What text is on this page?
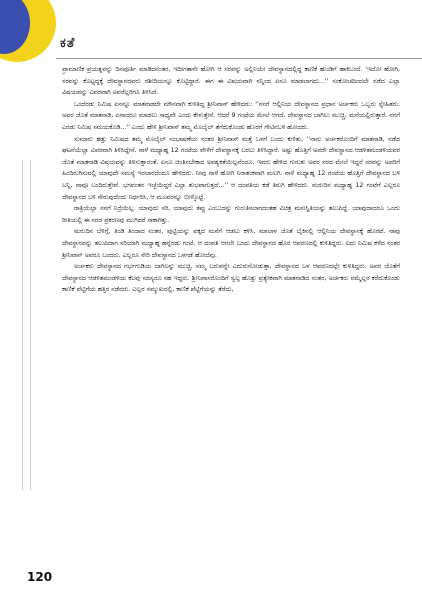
ಕತೆ

ಪ್ರಾಮಾಣಿಕ ಪ್ರಯತ್ನವನ್ನು ದಿನಪೂರ್ತಿ ಮಾಡಿದನಂತರ, ಇದೀಗತಾನೇ ಹೋಗಿ ಆ ಸರವನ್ನು ಅಲ್ಲಿನಿಯೇ ದೇವಸ್ಥಾನದಲ್ಲಿದ್ದ ಕಾಣಿಕೆ ಹುಂಡಿಗೆ ಹಾಕಿಬಂದೆ. 'ಇದೋ ಹೋಗಿ, ಸರವನ್ನು ಕೊಟ್ಟದ್ದಕ್ಕೆ ದೇವಸ್ಥಾನದವರು ರಶೀದಿಯನ್ನೂ ಕೊಟ್ಟಿದ್ದಾರೆ. ಈಗ ಈ ವಿಷಯವಾಗಿ ನನ್ನಿಂದ ಏನೂ ಮಾಡಲಾಗದು...'' ಸಂಕೋಚದಿಂದಲೇ ನಡೆದ ಎಲ್ಲಾ ವಿಷಯವನ್ನು ವಿವರವಾಗಿ ಅವರೆಲ್ಲರಿಗೂ ತಿಳಿಸಿದೆ.

ಒಂದೆರಡು ನಿಮಿಷ ಏನನ್ನೂ ಮಾತನಾಡದೇ ಮೌನವಾಗಿ ಕುಳಿತಿದ್ದ ಶ್ರೀನಿವಾಸ್ ಹೇಳಿದರು: ''ನನಗೆ ಆಲ್ಲಿನಿಯ ದೇವಸ್ಥಾನದ ಪ್ರಧಾನ ಅರ್ಚಕರು ಒಬ್ಬರು ಸ್ನೇಹಿತರು. ಅವರ ಜೊತೆ ಮಾತನಾಡಿ, ಏನಾದರೂ ಮಾಡಲು ಸಾಧ್ಯವೇ ಎಂದು ಕೇಳುತ್ತೇನೆ. ಆದರೆ 9 ಗಂಟೆಯ ಮೇಲೆ ಆಗದೆ. ದೇವಸ್ಥಾನದ ಬಾಗಿಲು ಮುಚ್ಚಿ, ಮನೆಯಲ್ಲಿರುತ್ತಾರೆ. ನನಗೆ ಎರಡು ನಿಮಿಷ ಸಮಯಕೊಡಿ...'' ಎಂದು ಹೇಳಿ ಶ್ರೀನಿವಾಸ್ ತಮ್ಮ ಮೊಬೈಲ್ ತೆಗೆದುಕೊಂಡು ಹೊರಗೆ ಗೇಟಿನಬಳಿ ಹೋದರು.

ಸುಮಾರು ಹತ್ತು ನಿಮಿಷದ ತಮ್ಮ ಮೊಬೈಲ್ ಸಂಭಾಷಣೆಯ ನಂತರ ಶ್ರೀನಿವಾಸ್ ಮತ್ತೆ ಒಳಗೆ ಬಂದು ಕುಳಿತು, ''ನಾನು ಅರ್ಚಕರೊಂದಿಗೆ ಮಾತನಾಡಿ, ನಡೆದ ಘಟನೆಯೆಲ್ಲಾ ವಿವರವಾಗಿ ತಿಳಿಸಿದ್ದೇನೆ. ನಾಳೆ ಮಧ್ಯಾಹ್ನ 12 ಗಂಟೆಯ ವೇಳೆಗೆ ದೇವಸ್ಥಾನಕ್ಕೆ ಬರಲು ತಿಳಿಸಿದ್ದಾರೆ. ಅಷ್ಟು ಹೊತ್ತಿಗೆ ಅವರೇ ದೇವಸ್ಥಾನದ ಆಡಳಿತಮಂಡಳಿಯವರ ಜೊತೆ ಮಾತನಾಡಿ ವಿಷಯವನ್ನು ತಿಳಿಸುತ್ತಾರಂತೆ. ಏನೂ ಚಿಂತಿಸಬೇಕಾದ ಅವಶ್ಯಕತೆಯಿಲ್ಲವೆಂದೂ, ಇವರು ಹೇಳಿದ ಗುರುತು ಅವರ ಸರದ ಮೇಲೆ ಇದ್ದರೆ ಸರವನ್ನು ಅವರಿಗೆ ಹಿಂದಿರುಗಿಸುವಲ್ಲಿ ಯಾವುದೇ ಸಮಸ್ಯೆ ಇರಲಾರದೆಂದೂ ಹೇಳಿದರು. ನೀವು ನಾಳೆ ಹೋಗಿ ನಿರಾತಂಕವಾಗಿ ಮಲಗಿ. ನಾಳೆ ಮಧ್ಯಾಹ್ನ 12 ಗಂಟೆಯ ಹೊತ್ತಿಗೆ ದೇವಸ್ಥಾನದ ಬಳಿ ಬನ್ನಿ, ನಾವೂ ಬಂದಿರುತ್ತೇವೆ. ಭಗವಂತನ ಇಚ್ಛೆಯಿದ್ದರೆ ಎಲ್ಲಾ ಶುಭವಾಗುತ್ತದೆ...'' ಆ ದಂಪತಿಯ ಕಡೆ ತಿರುಗಿ ಹೇಳಿದರು. ಮರುದಿನ ಮಧ್ಯಾಹ್ನ 12 ಗಂಟೆಗೆ ಎಲ್ಲರೂ ದೇವಸ್ಥಾನದ ಬಳಿ ಸೇರುವುದೆಂದು ನಿರ್ಧರಿಸಿ, ಆ ಮೂವರನ್ನೂ ಬೀಳ್ಕೊಟ್ಟೆ.

ರಾತ್ರಿಯೆಲ್ಲಾ ನನಗೆ ನಿದ್ರೆಯಿಲ್ಲ. ಯಾವುದು ಸರಿ, ಯಾವುದು ತಪ್ಪು ಎಂಬುದನ್ನು ಗುರುತಿಸಲಾಗದಂತಹ ವಿಚಿತ್ರ ಮನಃಸ್ಥಿತಿಯನ್ನು ತಲುಪಿದ್ದೆ. ಯಾವುದಾದರೂ ಒಂದು ರೀತಿಯಲ್ಲಿ ಈ ಸರದ ಪ್ರಕರಣವು ಮುಗಿದರೆ ಸಾಕಾಗಿತ್ತು.

ಮರುದಿನ ಬೆಳಿಗ್ಗೆ, ತಿಂಡಿ ತಿಂದಾದ ನಂತರ, ಪುಟ್ಟಿಯನ್ನು ಪಕ್ಕದ ಮನೆಗೆ ಆಡಲು ಕಳಿಸಿ, ಮಾಲಾಳ ಜೊತೆ ಬೈಕಿನಲ್ಲಿ ಆಲ್ಲಿನಿಯ ದೇವಸ್ಥಾನಕ್ಕೆ ಹೊರಟೆ. ನಾವು ದೇವಸ್ಥಾನವನ್ನು ತಲುಪಿದಾಗ ಸರಿಯಾಗಿ ಮಧ್ಯಾಹ್ನ ಹನ್ನೆರಡು ಗಂಟೆ. ಆ ದಂಪತಿ ಆಗಲೇ ಬಂದು ದೇವಸ್ಥಾನದ ಹೊರ ಆವರಣದಲ್ಲಿ ಕುಳಿತಿದ್ದರು. ಐದು ನಿಮಿಷ ಕಳೆದ ನಂತರ ಶ್ರೀನಿವಾಸ್ ಅವರೂ ಬಂದರು. ಎಲ್ಲರೂ ಸೇರಿ ದೇವಸ್ಥಾನದ ಒಳಗಡೆ ಹೋದೆವು.

ಅರ್ಚಕರು ದೇವಸ್ಥಾನದ ಗರ್ಭಗುಡಿಯ ಬಾಗಿಲನ್ನು ಮುಚ್ಚಿ, ನಮ್ಮ ಬರುವನ್ನೇ ಎದುರುನೋಡುತ್ತಾ, ದೇವಸ್ಥಾನದ ಒಳ ಆವರಣದಲ್ಲೇ ಕುಳಿತಿದ್ದರು. ಅವರ ಜೊತೆಗೆ ದೇವಸ್ಥಾನದ ಆಡಳಿತಮಂಡಳಿಯ ಕೆಲವು ಸದಸ್ಯರೂ ಸಹ ಇದ್ದರು. ಶ್ರೀನಿವಾಸರೊಂದಿಗೆ ಸ್ವಲ್ಪ ಹೊತ್ತು ಪ್ರತ್ಯೇಕವಾಗಿ ಮಾತನಾಡಿದ ನಂತರ, ಅರ್ಚಕರು ನಮ್ಮೆಲ್ಲರ ಕರೆದುಕೊಂಡು ಕಾಣಿಕೆ ಪೆಟ್ಟಿಗೆಯ ಹತ್ತಿರ ನಡೆದರು. ಎಲ್ಲರ ಸಮ್ಮುಖದಲ್ಲಿ, ಕಾಣಿಕೆ ಪೆಟ್ಟಿಗೆಯನ್ನು ತೆರೆದು,

120
